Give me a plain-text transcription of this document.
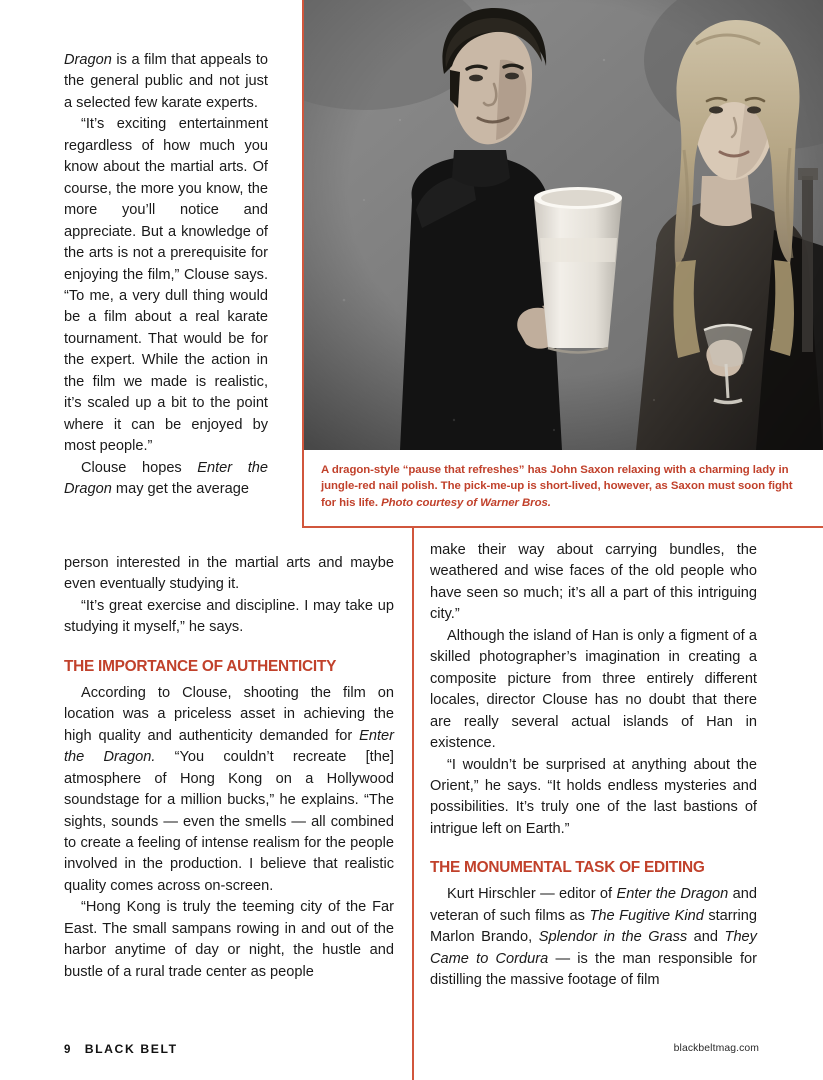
A dragon-style “pause that refreshes” has John Saxon relaxing with a charming lady in jungle-red nail polish. The pick-me-up is short-lived, however, as Saxon must soon fight for his life. Photo courtesy of Warner Bros.

Dragon is a film that appeals to the general public and not just a selected few karate experts.

“It’s exciting entertainment regardless of how much you know about the martial arts. Of course, the more you know, the more you’ll notice and appreciate. But a knowledge of the arts is not a prerequisite for enjoying the film,” Clouse says. “To me, a very dull thing would be a film about a real karate tournament. That would be for the expert. While the action in the film we made is realistic, it’s scaled up a bit to the point where it can be enjoyed by most people.”

Clouse hopes Enter the Dragon may get the average

person interested in the martial arts and maybe even eventually studying it.

“It’s great exercise and discipline. I may take up studying it myself,” he says.

THE IMPORTANCE OF AUTHENTICITY

According to Clouse, shooting the film on location was a priceless asset in achieving the high quality and authenticity demanded for Enter the Dragon. “You couldn’t recreate [the] atmosphere of Hong Kong on a Hollywood soundstage for a million bucks,” he explains. “The sights, sounds — even the smells — all combined to create a feeling of intense realism for the people involved in the production. I believe that realistic quality comes across on-screen.

“Hong Kong is truly the teeming city of the Far East. The small sampans rowing in and out of the harbor anytime of day or night, the hustle and bustle of a rural trade center as people

make their way about carrying bundles, the weathered and wise faces of the old people who have seen so much; it’s all a part of this intriguing city.”

Although the island of Han is only a figment of a skilled photographer’s imagination in creating a composite picture from three entirely different locales, director Clouse has no doubt that there are really several actual islands of Han in existence.

“I wouldn’t be surprised at anything about the Orient,” he says. “It holds endless mysteries and possibilities. It’s truly one of the last bastions of intrigue left on Earth.”

THE MONUMENTAL TASK OF EDITING

Kurt Hirschler — editor of Enter the Dragon and veteran of such films as The Fugitive Kind starring Marlon Brando, Splendor in the Grass and They Came to Cordura — is the man responsible for distilling the massive footage of film

9 BLACK BELT	blackbeltmag.com
